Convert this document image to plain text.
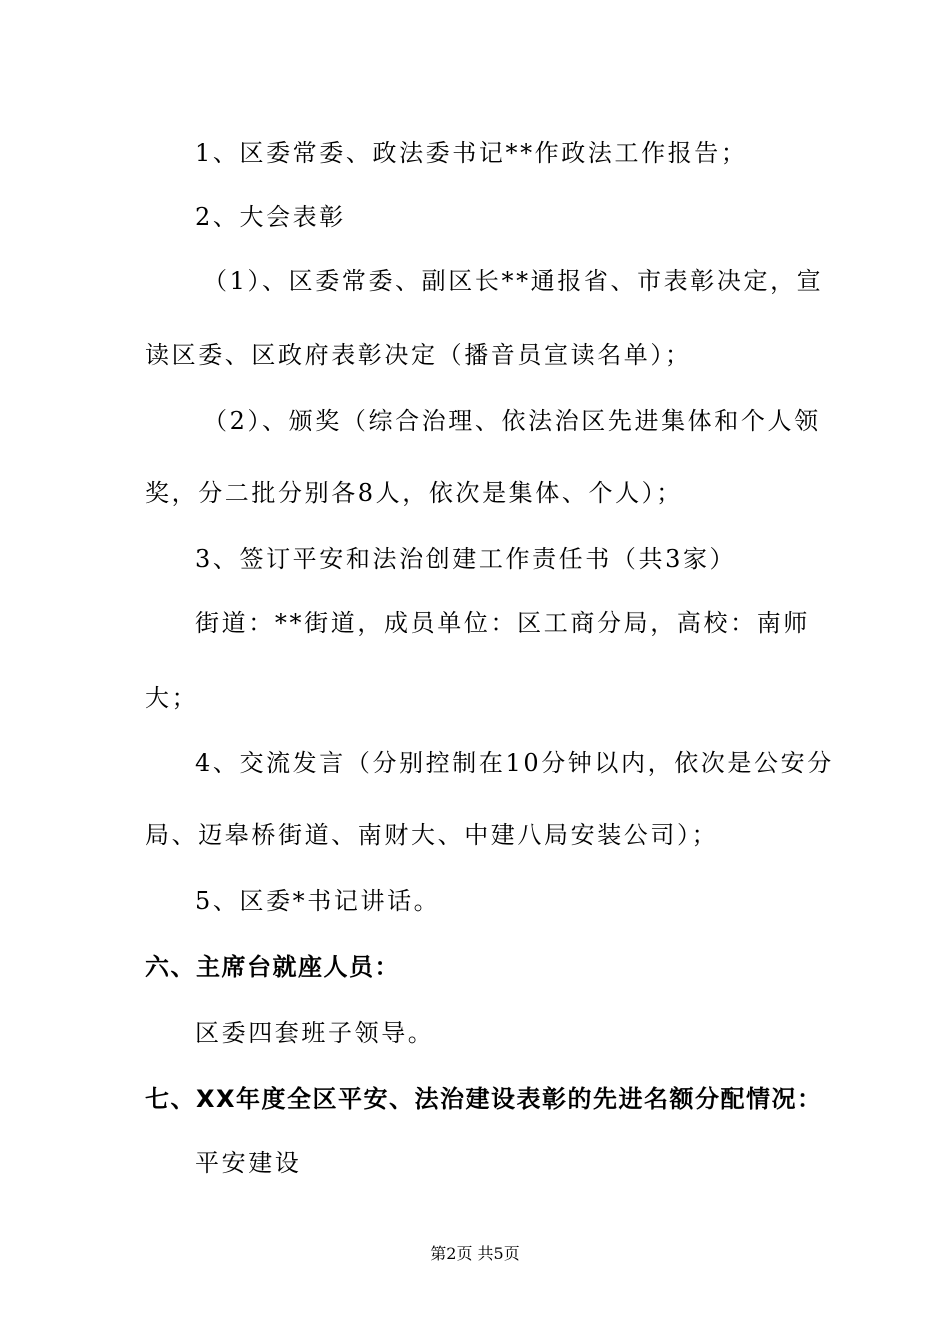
1、区委常委、政法委书记**作政法工作报告；
2、大会表彰
（1）、区委常委、副区长**通报省、市表彰决定，宣
读区委、区政府表彰决定（播音员宣读名单）；
（2）、颁奖（综合治理、依法治区先进集体和个人领
奖，分二批分别各8人，依次是集体、个人）；
3、签订平安和法治创建工作责任书（共3家）
街道：**街道，成员单位：区工商分局，高校：南师
大；
4、交流发言（分别控制在10分钟以内，依次是公安分
局、迈皋桥街道、南财大、中建八局安装公司）；
5、区委*书记讲话。
六、主席台就座人员：
区委四套班子领导。
七、XX年度全区平安、法治建设表彰的先进名额分配情况：
平安建设
第2页 共5页
